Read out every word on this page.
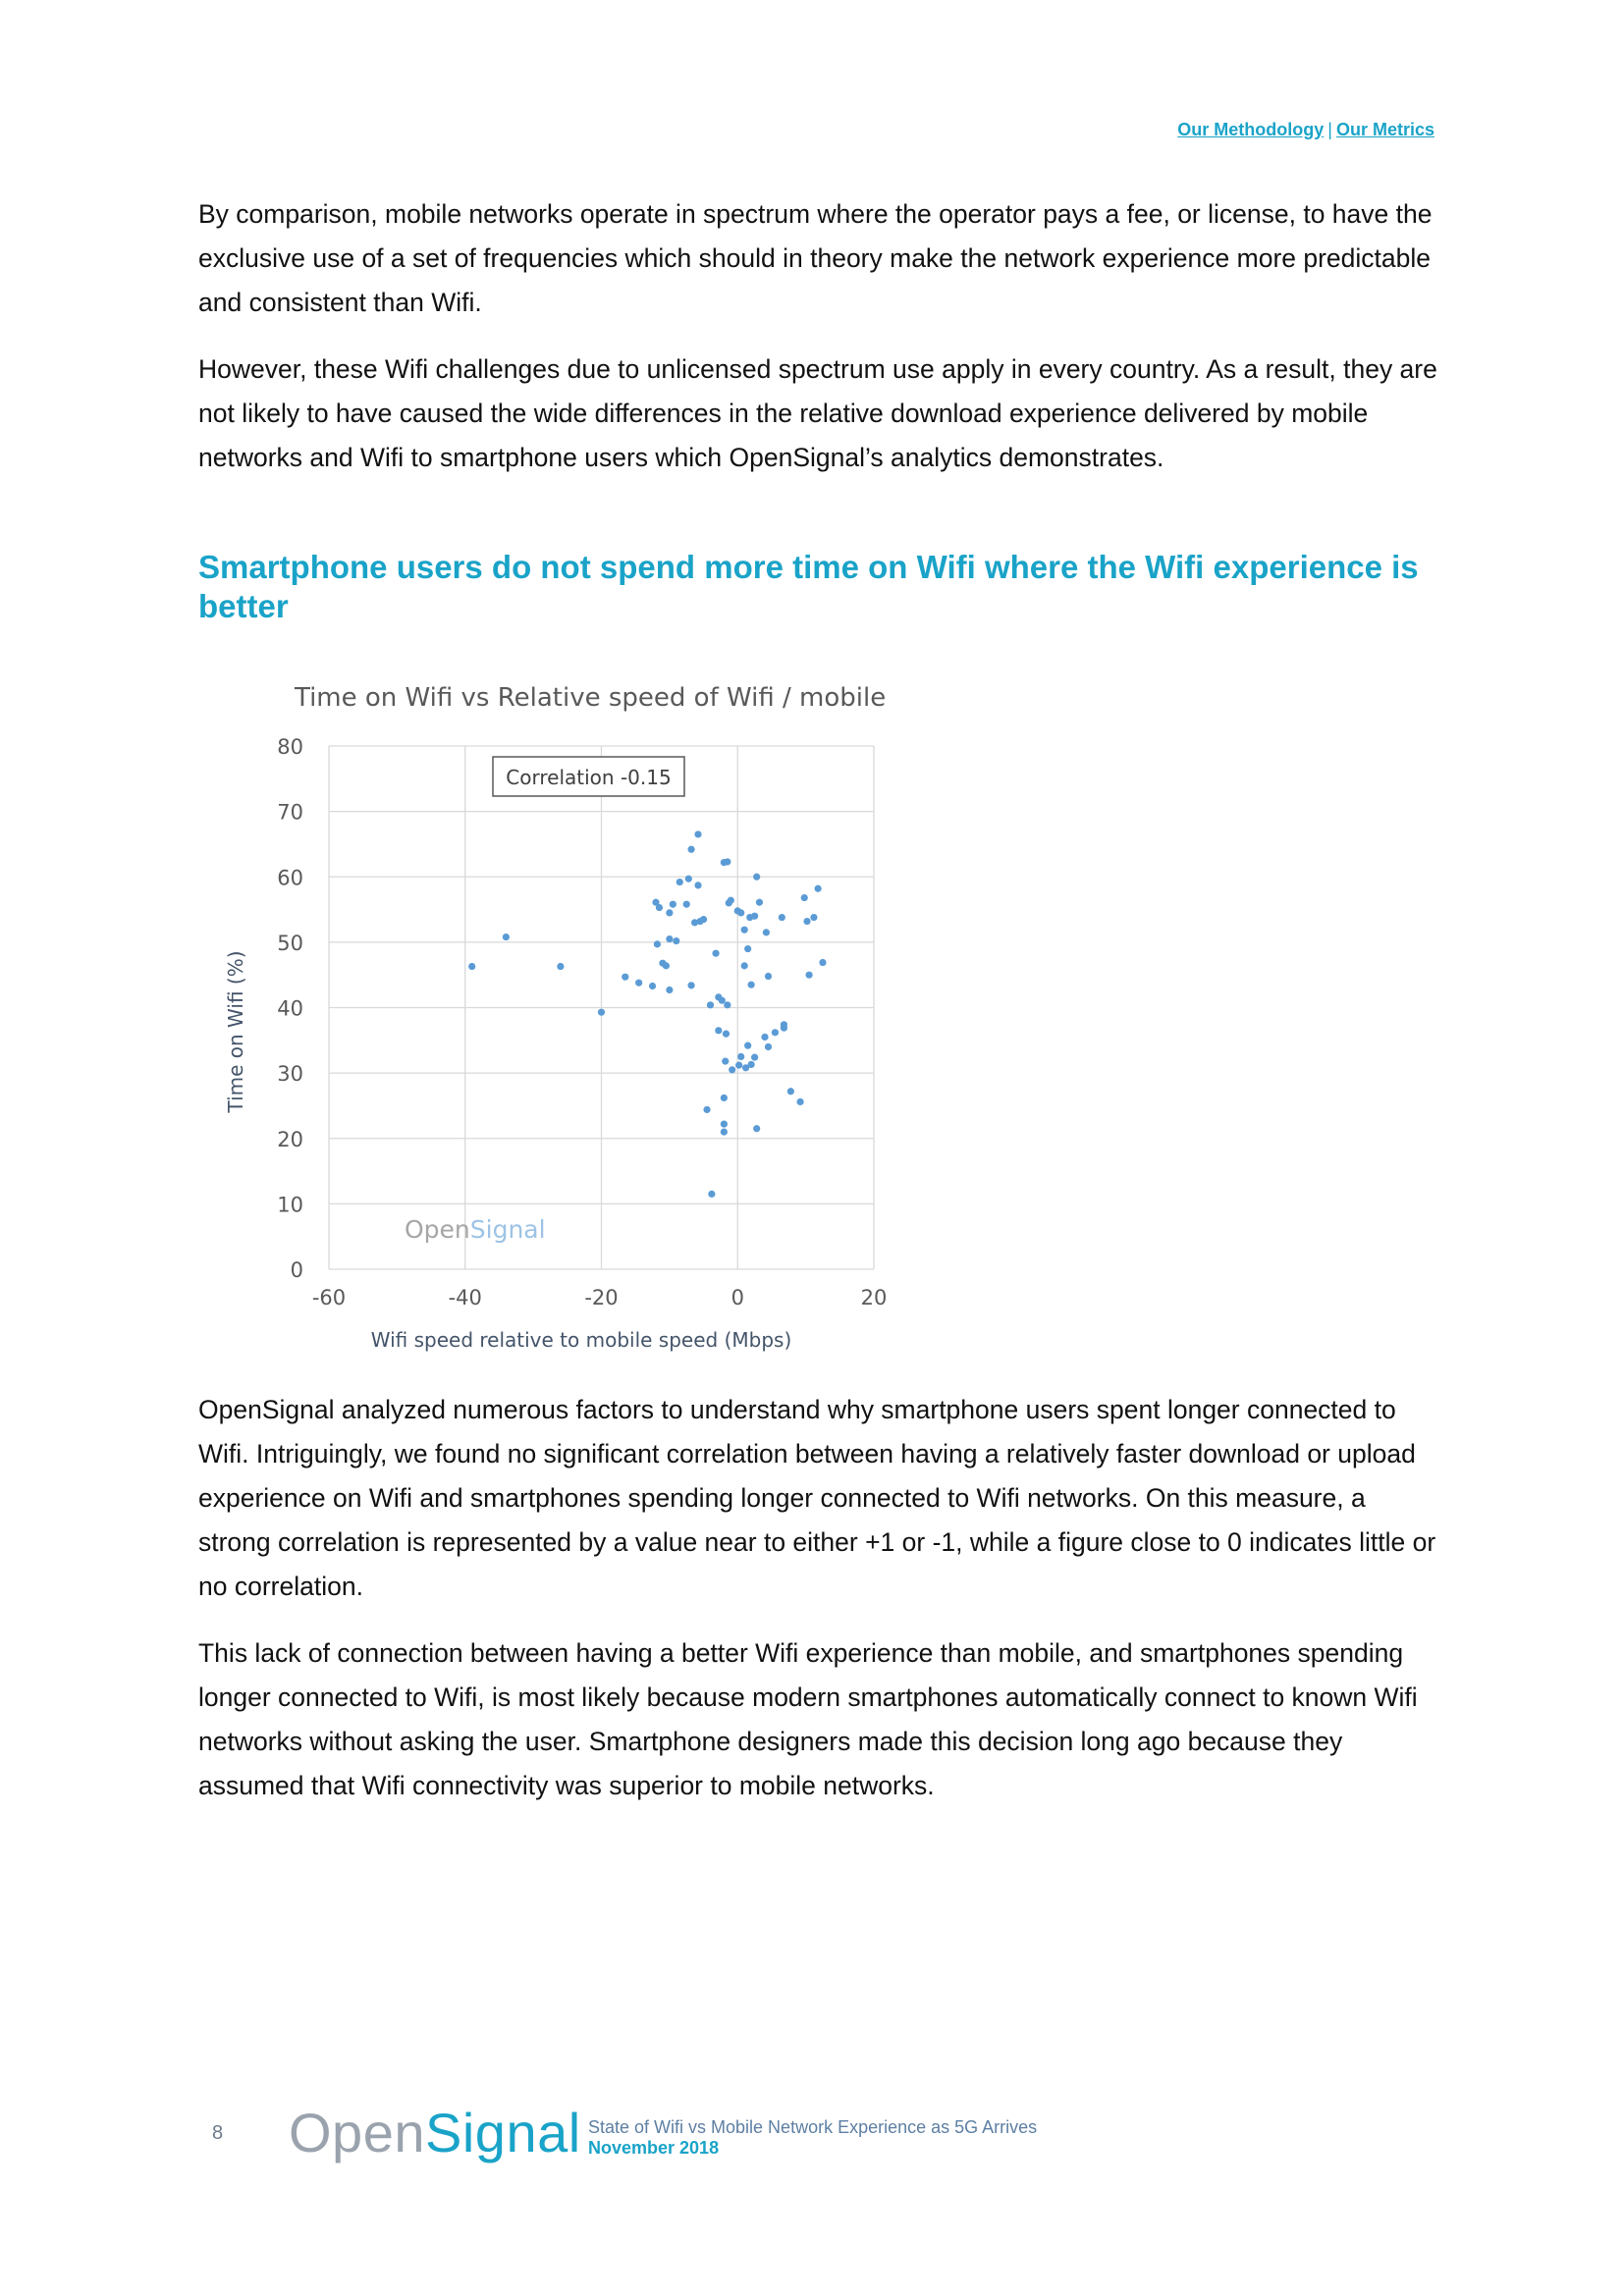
Our Methodology | Our Metrics

By comparison, mobile networks operate in spectrum where the operator pays a fee, or license, to have the exclusive use of a set of frequencies which should in theory make the network experience more predictable and consistent than Wifi.

However, these Wifi challenges due to unlicensed spectrum use apply in every country. As a result, they are not likely to have caused the wide differences in the relative download experience delivered by mobile networks and Wifi to smartphone users which OpenSignal’s analytics demonstrates.

Smartphone users do not spend more time on Wifi where the Wifi experience is better
Time on Wifi vs Relative speed of Wifi / mobile
0
10
20
30
40
50
60
70
80
-60	-40	-20	0	20
Correlation -0.15
OpenSignal
Wifi speed relative to mobile speed (Mbps)
Time on Wifi (%)

OpenSignal analyzed numerous factors to understand why smartphone users spent longer connected to Wifi. Intriguingly, we found no significant correlation between having a relatively faster download or upload experience on Wifi and smartphones spending longer connected to Wifi networks. On this measure, a strong correlation is represented by a value near to either +1 or -1, while a figure close to 0 indicates little or no correlation.

This lack of connection between having a better Wifi experience than mobile, and smartphones spending longer connected to Wifi, is most likely because modern smartphones automatically connect to known Wifi networks without asking the user. Smartphone designers made this decision long ago because they assumed that Wifi connectivity was superior to mobile networks.

8 OpenSignal State of Wifi vs Mobile Network Experience as 5G Arrives
November 2018
